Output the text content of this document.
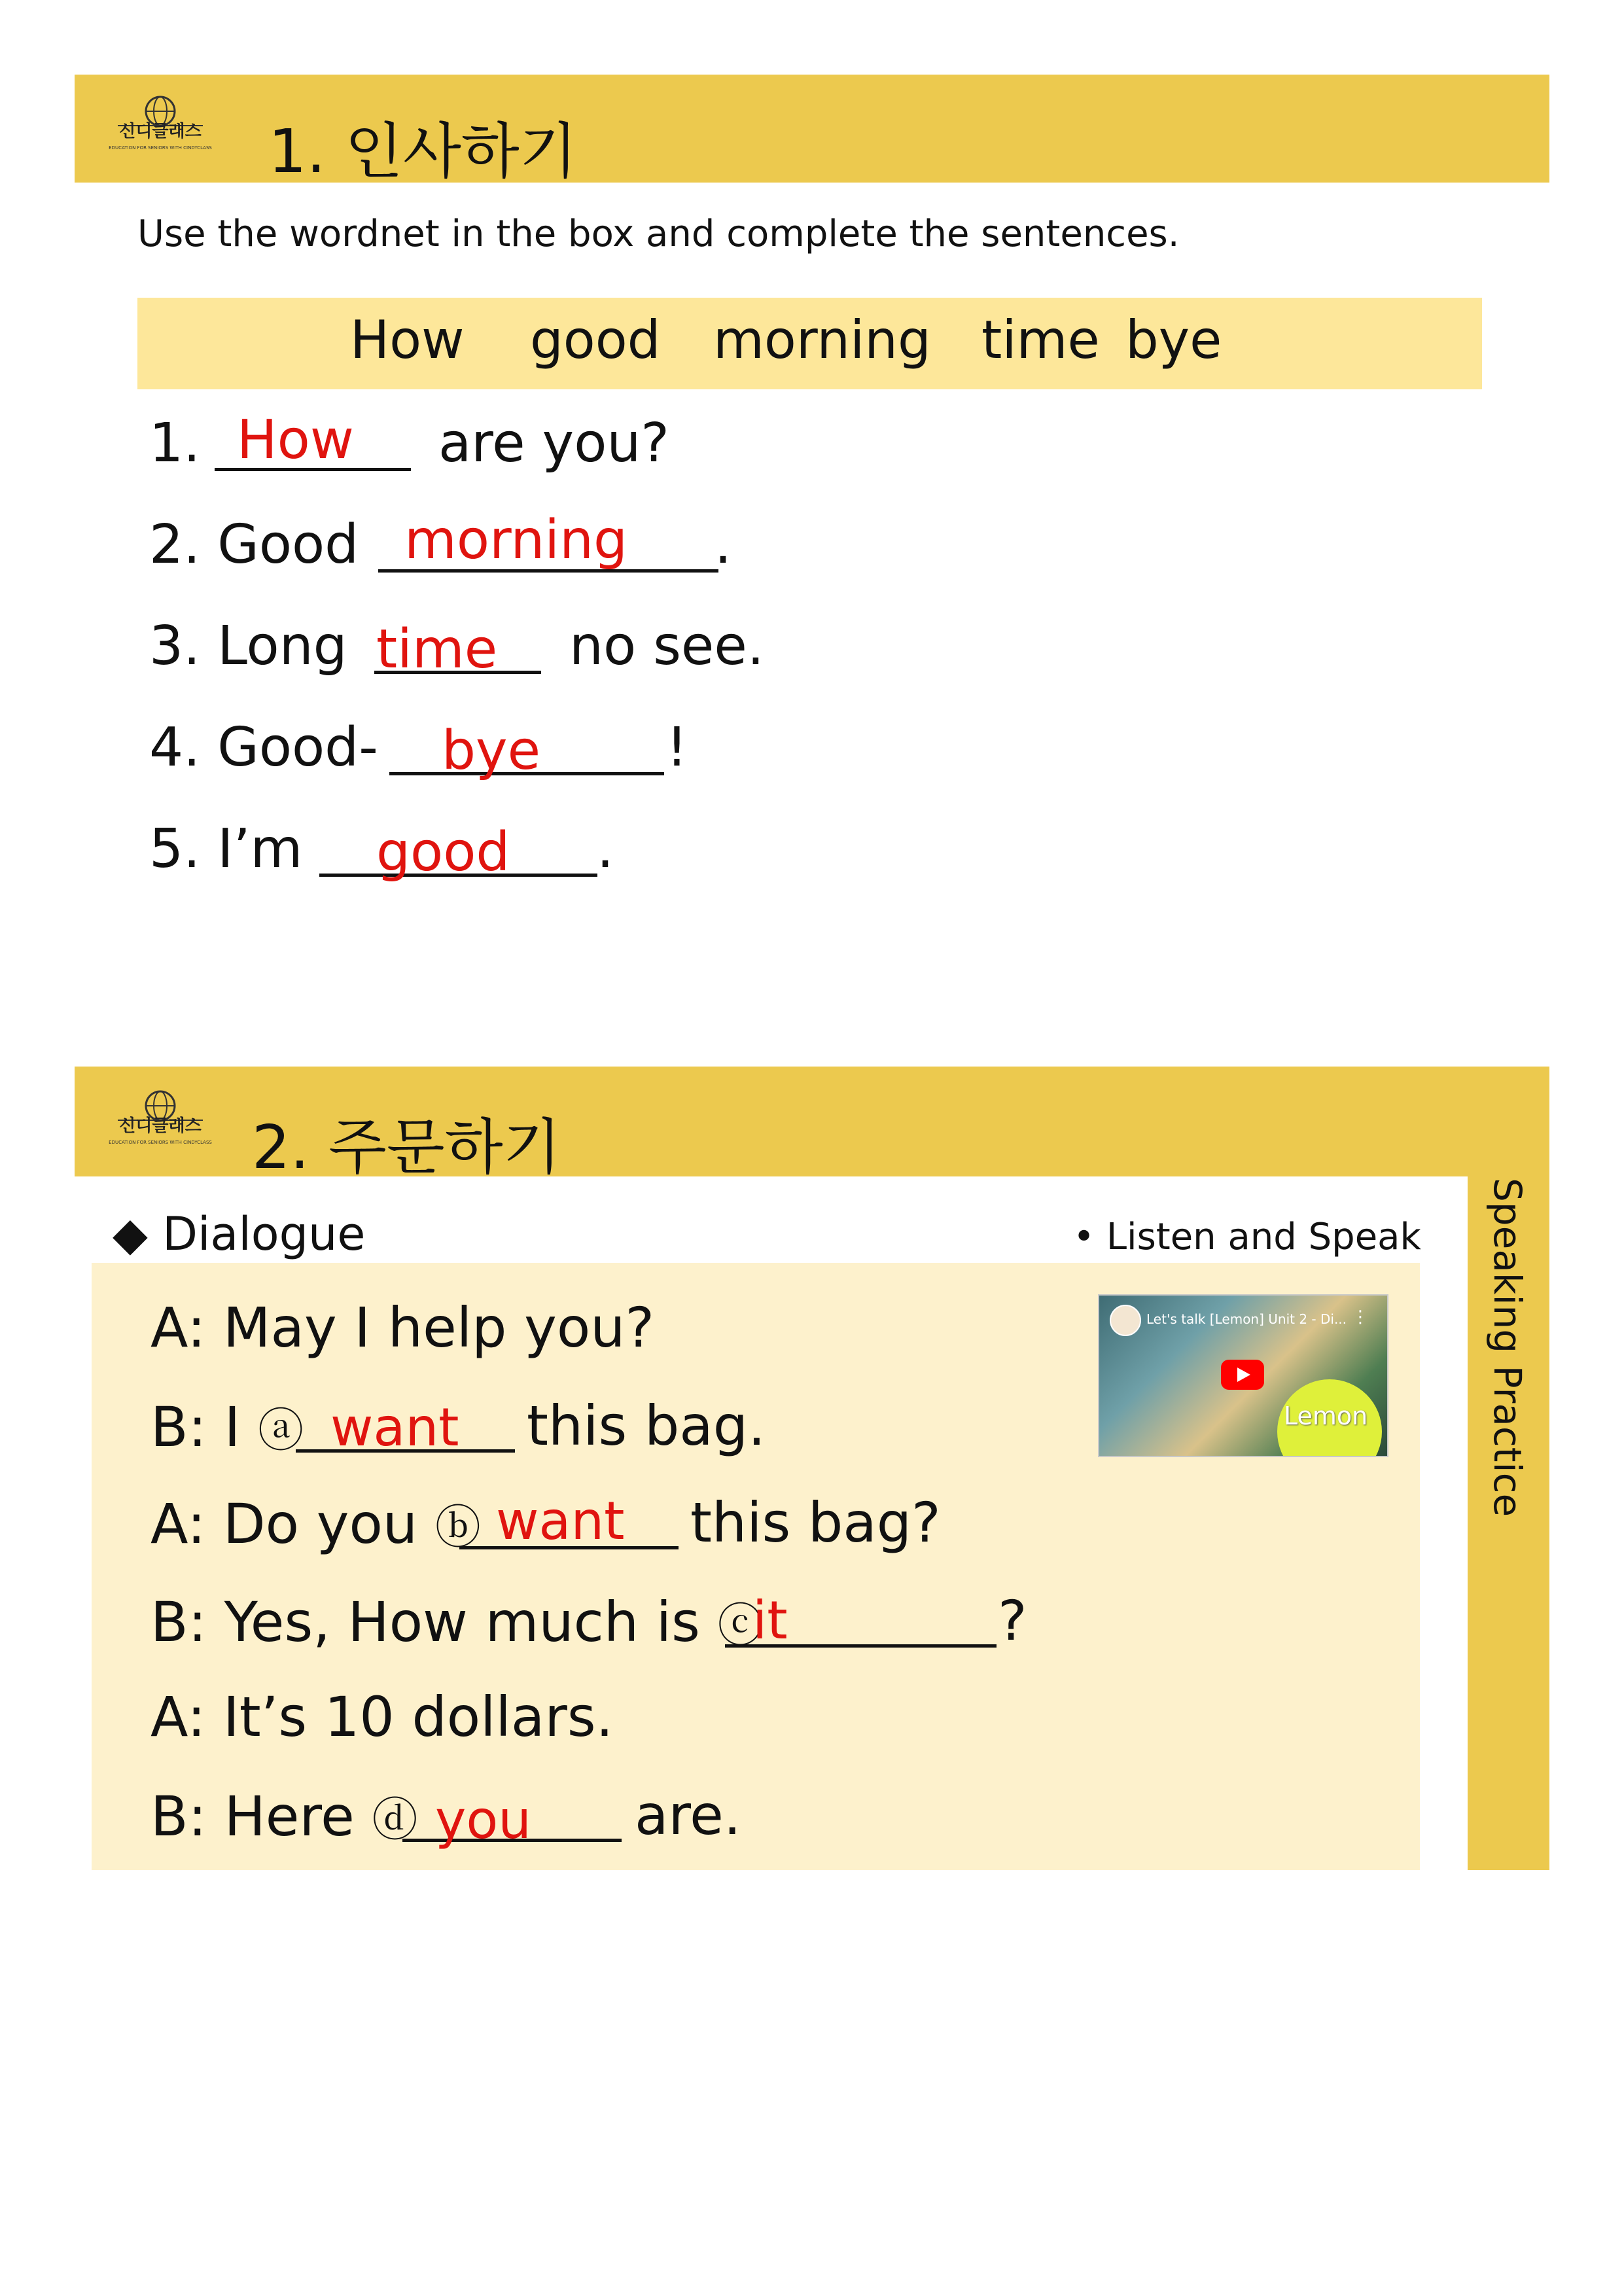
신디클래스
EDUCATION FOR SENIORS WITH CINDYCLASS 1. 인사하기
Use the wordnet in the box and complete the sentences.
How good morning time bye
1. How are you?
2. Good morning .
3. Long time no see.
4. Good- bye !
5. I’m good .
신디클래스
EDUCATION FOR SENIORS WITH CINDYCLASS 2. 주문하기
Speaking Practice
◆ Dialogue	• Listen and Speak
Let's talk [Lemon] Unit 2 - Di... ⋮
Lemon
A: May I help you?
B: I ⓐ want this bag.
A: Do you ⓑ want this bag?
B: Yes, How much is ⓒ
it	?
A: It’s 10 dollars.
B: Here ⓓ you are.
